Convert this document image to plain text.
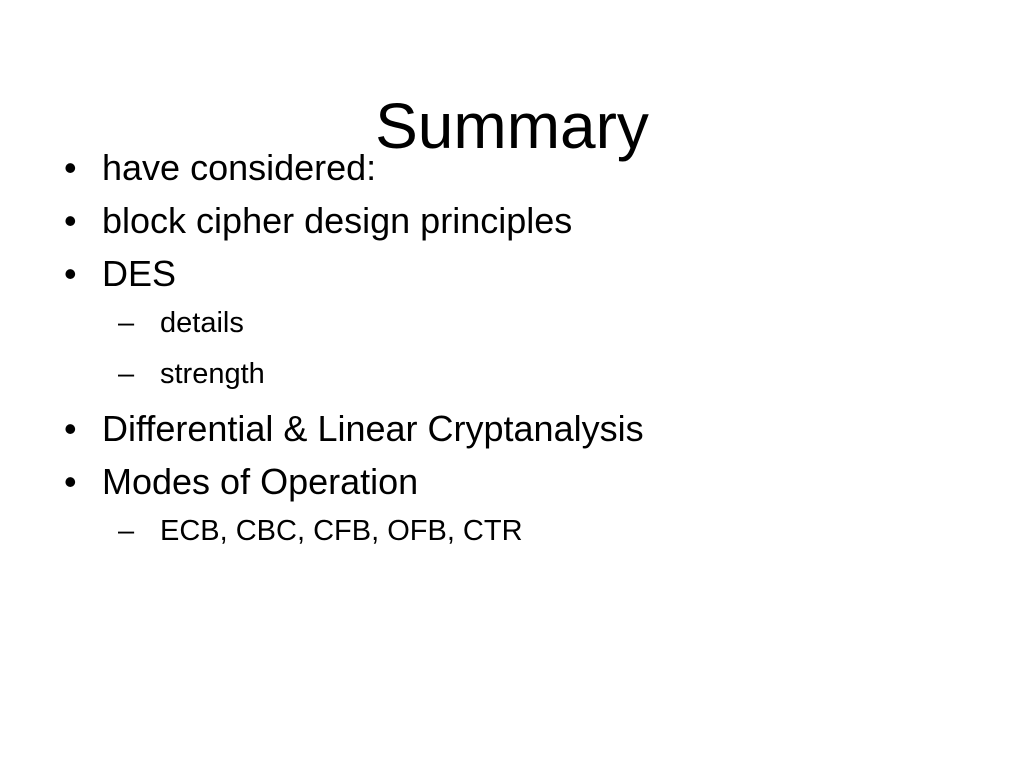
Summary
• have considered:
• block cipher design principles
• DES
– details
– strength
• Differential & Linear Cryptanalysis
• Modes of Operation
– ECB, CBC, CFB, OFB, CTR
